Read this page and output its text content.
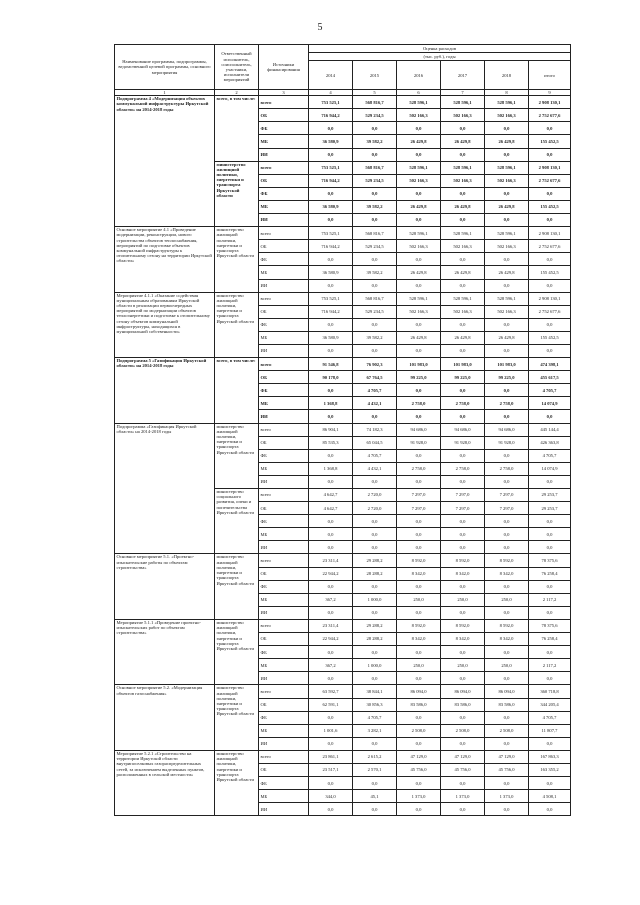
5
Наименование программы, подпрограммы, ведомственной целевой программы, основного мероприятия	Ответственный исполнитель, соисполнитель, участники, исполнители мероприятий	Источники финансирования	Оценка расходов					
			(тыс. руб.), годы					
			2014	2015	2016	2017	2018	итого
1	2	3	4	5	6	7	8	9
Подпрограмма 4 «Модернизация объектов коммунальной инфраструктуры Иркутской области» на 2014-2018 годы	всего, в том числе:	всего	753 525,1	568 816,7	528 596,1	528 596,1	528 596,1	2 908 130,1
		ОБ	716 944,2	529 234,5	502 166,3	502 166,3	502 166,3	2 752 677,6
		ФБ	0,0	0,0	0,0	0,0	0,0	0,0
		МБ	36 580,9	39 582,2	26 429,8	26 429,8	26 429,8	155 452,5
		ИИ	0,0	0,0	0,0	0,0	0,0	0,0
	министерство жилищной политики, энергетики и транспорта Иркутской области	всего	753 525,1	568 816,7	528 596,1	528 596,1	528 596,1	2 908 130,1
		ОБ	716 944,2	529 234,5	502 166,3	502 166,3	502 166,3	2 752 677,6
		ФБ	0,0	0,0	0,0	0,0	0,0	0,0
		МБ	36 580,9	39 582,2	26 429,8	26 429,8	26 429,8	155 452,5
		ИИ	0,0	0,0	0,0	0,0	0,0	0,0
Основное мероприятие 4.1 «Проведение модернизации, реконструкции, нового строительства объектов теплоснабжения, мероприятий по подготовке объектов коммунальной инфраструктуры к отопительному сезону на территории Иркутской области»	министерство жилищной политики, энергетики и транспорта Иркутской области	всего	753 525,1	568 816,7	528 596,1	528 596,1	528 596,1	2 908 130,1
		ОБ	716 944,2	529 234,5	502 166,3	502 166,3	502 166,3	2 752 677,6
		ФБ	0,0	0,0	0,0	0,0	0,0	0,0
		МБ	36 580,9	39 582,2	26 429,8	26 429,8	26 429,8	155 452,5
		ИИ	0,0	0,0	0,0	0,0	0,0	0,0
Мероприятие 4.1.1 «Оказание содействия муниципальным образованиям Иркутской области в реализации первоочередных мероприятий по модернизации объектов теплоэнергетики и подготовке к отопительному сезону объектов коммунальной инфраструктуры, находящихся в муниципальной собственности»	министерство жилищной политики, энергетики и транспорта Иркутской области	всего	753 525,1	568 816,7	528 596,1	528 596,1	528 596,1	2 908 130,1
		ОБ	716 944,2	529 234,5	502 166,3	502 166,3	502 166,3	2 752 677,6
		ФБ	0,0	0,0	0,0	0,0	0,0	0,0
		МБ	36 580,9	39 582,2	26 429,8	26 429,8	26 429,8	155 452,5
		ИИ	0,0	0,0	0,0	0,0	0,0	0,0
Подпрограмма 5 «Газификация Иркутской области» на 2014-2018 годы	всего, в том числе:	всего	91 546,8	76 902,3	101 983,0	101 983,0	101 983,0	474 398,1
		ОБ	90 178,0	67 764,5	99 225,0	99 225,0	99 225,0	455 617,5
		ФБ	0,0	4 705,7	0,0	0,0	0,0	4 705,7
		МБ	1 368,8	4 432,1	2 758,0	2 758,0	2 758,0	14 074,9
		ИИ	0,0	0,0	0,0	0,0	0,0	0,0
Подпрограмма «Газификация Иркутской области» на 2014-2018 годы	министерство жилищной политики, энергетики и транспорта Иркутской области	всего	86 904,1	74 182,3	94 686,0	94 686,0	94 686,0	445 144,4
		ОБ	85 535,3	65 044,5	91 928,0	91 928,0	91 928,0	426 363,8
		ФБ	0,0	4 705,7	0,0	0,0	0,0	4 705,7
		МБ	1 368,8	4 432,1	2 758,0	2 758,0	2 758,0	14 074,9
		ИИ	0,0	0,0	0,0	0,0	0,0	0,0
	министерство социального развития, опеки и попечительства Иркутской области	всего	4 642,7	2 720,0	7 297,0	7 297,0	7 297,0	29 253,7
		ОБ	4 642,7	2 720,0	7 297,0	7 297,0	7 297,0	29 253,7
		ФБ	0,0	0,0	0,0	0,0	0,0	0,0
		МБ	0,0	0,0	0,0	0,0	0,0	0,0
		ИИ	0,0	0,0	0,0	0,0	0,0	0,0
Основное мероприятие 5.1. «Проектно-изыскательские работы по объектам строительства»	министерство жилищной политики, энергетики и транспорта Иркутской области	всего	23 311,4	29 288,2	8 592,0	8 592,0	8 592,0	78 375,6
		ОБ	22 944,2	28 288,2	8 342,0	8 342,0	8 342,0	76 258,4
		ФБ	0,0	0,0	0,0	0,0	0,0	0,0
		МБ	367,2	1 000,0	250,0	250,0	250,0	2 117,2
		ИИ	0,0	0,0	0,0	0,0	0,0	0,0
Мероприятие 5.1.1 «Проведение проектно-изыскательских работ по объектам строительства»	министерство жилищной политики, энергетики и транспорта Иркутской области	всего	23 311,4	29 288,2	8 592,0	8 592,0	8 592,0	78 375,6
		ОБ	22 944,2	28 288,2	8 342,0	8 342,0	8 342,0	76 258,4
		ФБ	0,0	0,0	0,0	0,0	0,0	0,0
		МБ	367,2	1 000,0	250,0	250,0	250,0	2 117,2
		ИИ	0,0	0,0	0,0	0,0	0,0	0,0
Основное мероприятие 5.2. «Модернизация объектов газоснабжения»	министерство жилищной политики, энергетики и транспорта Иркутской области	всего	63 592,7	38 844,1	86 094,0	86 094,0	86 094,0	360 718,8
		ОБ	62 591,1	30 856,3	83 586,0	83 586,0	83 586,0	344 205,4
		ФБ	0,0	4 705,7	0,0	0,0	0,0	4 705,7
		МБ	1 001,6	3 282,1	2 508,0	2 508,0	2 508,0	11 807,7
		ИИ	0,0	0,0	0,0	0,0	0,0	0,0
Мероприятие 5.2.1 «Строительство на территории Иркутской области внутрипоселковых газораспределительных сетей, за исключением выделенных пунктов, расположенных в сельской местности»	министерство жилищной политики, энергетики и транспорта Иркутской области	всего	23 861,1	2 615,2	47 129,0	47 129,0	47 129,0	167 863,3
		ОБ	23 517,1	2 570,1	45 756,0	45 756,0	45 756,0	163 355,2
		ФБ	0,0	0,0	0,0	0,0	0,0	0,0
		МБ	344,0	45,1	1 373,0	1 373,0	1 373,0	4 508,1
		ИИ	0,0	0,0	0,0	0,0	0,0	0,0
